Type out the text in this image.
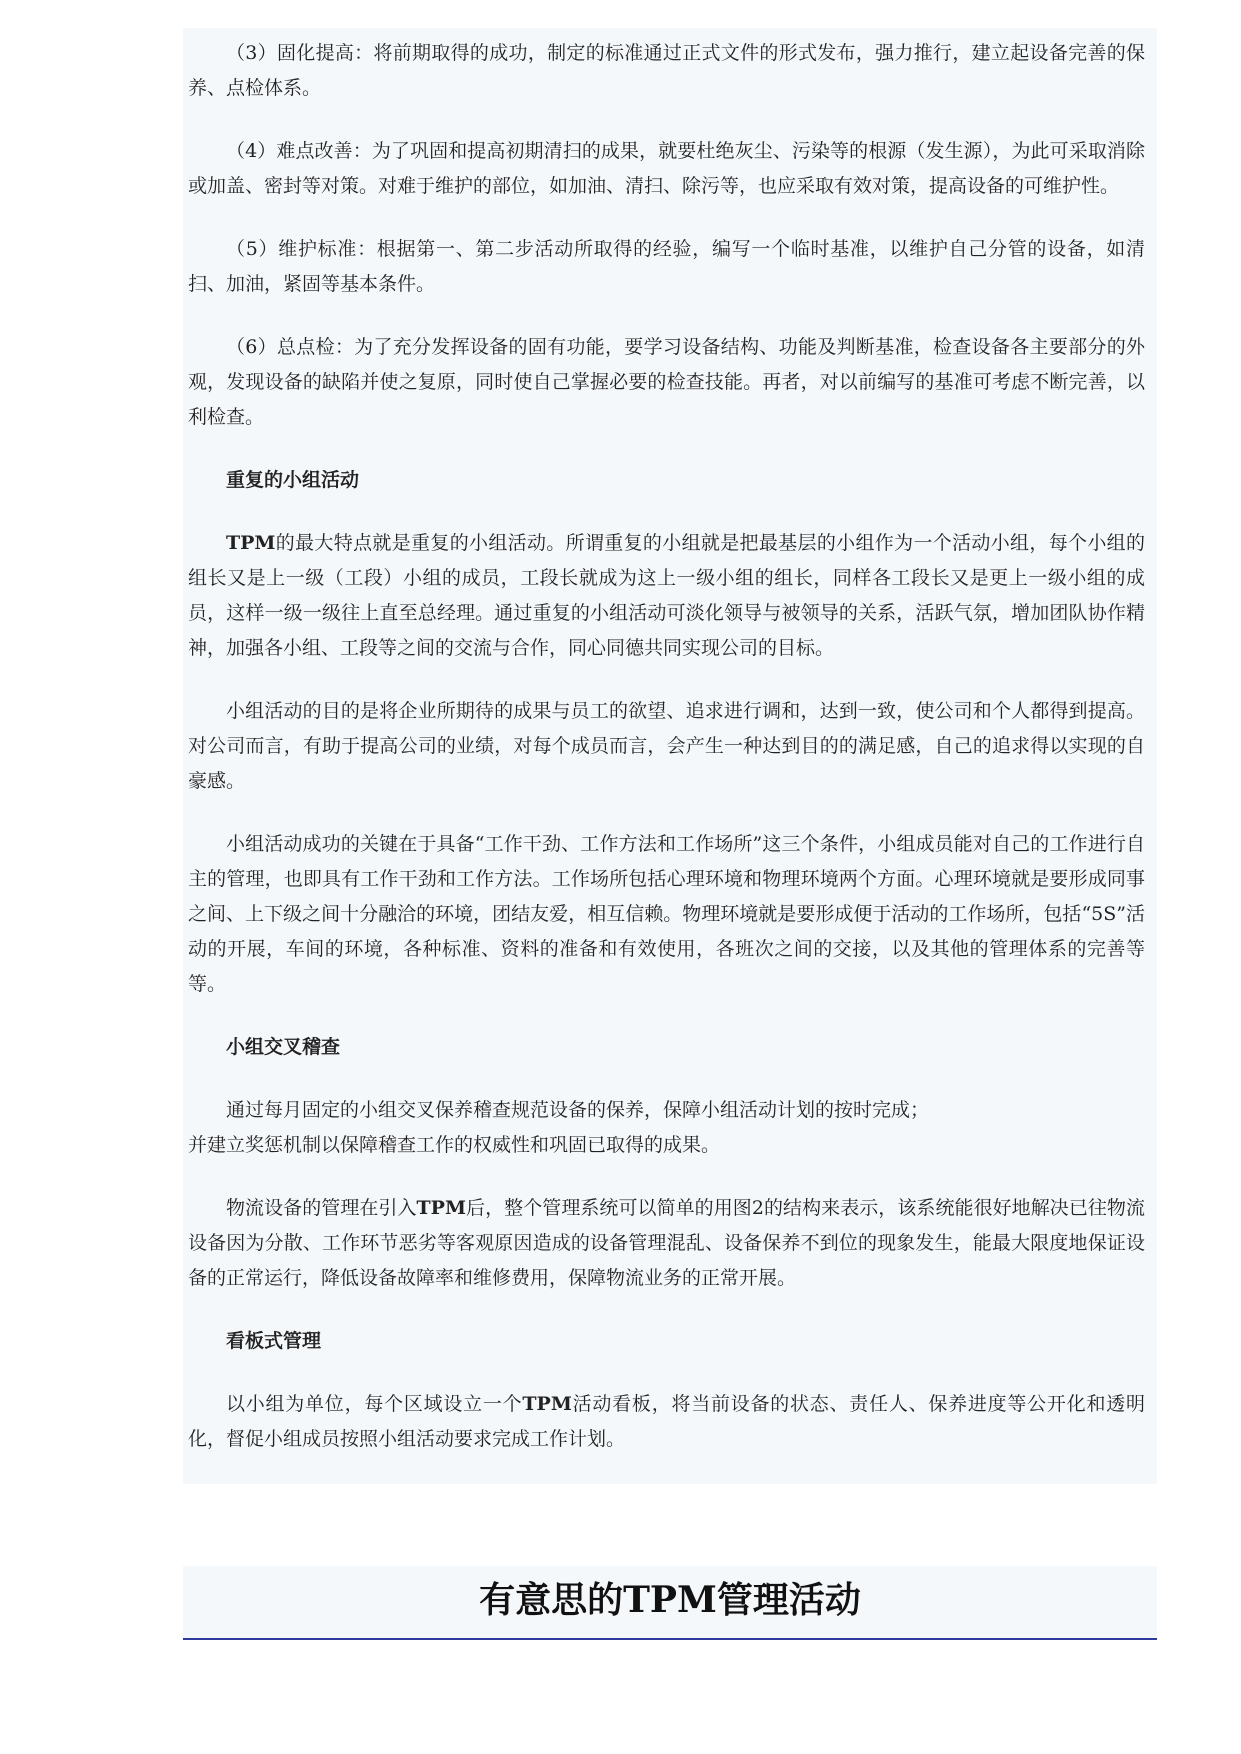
（3）固化提高：将前期取得的成功，制定的标准通过正式文件的形式发布，强力推行，建立起设备完善的保养、点检体系。

（4）难点改善：为了巩固和提高初期清扫的成果，就要杜绝灰尘、污染等的根源（发生源），为此可采取消除或加盖、密封等对策。对难于维护的部位，如加油、清扫、除污等，也应采取有效对策，提高设备的可维护性。

（5）维护标准：根据第一、第二步活动所取得的经验，编写一个临时基准，以维护自己分管的设备，如清扫、加油，紧固等基本条件。

（6）总点检：为了充分发挥设备的固有功能，要学习设备结构、功能及判断基准，检查设备各主要部分的外观，发现设备的缺陷并使之复原，同时使自己掌握必要的检查技能。再者，对以前编写的基准可考虑不断完善，以利检查。

重复的小组活动

TPM的最大特点就是重复的小组活动。所谓重复的小组就是把最基层的小组作为一个活动小组，每个小组的组长又是上一级（工段）小组的成员，工段长就成为这上一级小组的组长，同样各工段长又是更上一级小组的成员，这样一级一级往上直至总经理。通过重复的小组活动可淡化领导与被领导的关系，活跃气氛，增加团队协作精神，加强各小组、工段等之间的交流与合作，同心同德共同实现公司的目标。

小组活动的目的是将企业所期待的成果与员工的欲望、追求进行调和，达到一致，使公司和个人都得到提高。对公司而言，有助于提高公司的业绩，对每个成员而言，会产生一种达到目的的满足感，自己的追求得以实现的自豪感。

小组活动成功的关键在于具备“工作干劲、工作方法和工作场所”这三个条件，小组成员能对自己的工作进行自主的管理，也即具有工作干劲和工作方法。工作场所包括心理环境和物理环境两个方面。心理环境就是要形成同事之间、上下级之间十分融洽的环境，团结友爱，相互信赖。物理环境就是要形成便于活动的工作场所，包括“5S”活动的开展，车间的环境，各种标准、资料的准备和有效使用，各班次之间的交接，以及其他的管理体系的完善等等。

小组交叉稽查

通过每月固定的小组交叉保养稽查规范设备的保养，保障小组活动计划的按时完成；
并建立奖惩机制以保障稽查工作的权威性和巩固已取得的成果。

物流设备的管理在引入TPM后，整个管理系统可以简单的用图2的结构来表示，该系统能很好地解决已往物流设备因为分散、工作环节恶劣等客观原因造成的设备管理混乱、设备保养不到位的现象发生，能最大限度地保证设备的正常运行，降低设备故障率和维修费用，保障物流业务的正常开展。

看板式管理

以小组为单位，每个区域设立一个TPM活动看板，将当前设备的状态、责任人、保养进度等公开化和透明化，督促小组成员按照小组活动要求完成工作计划。

有意思的TPM管理活动
